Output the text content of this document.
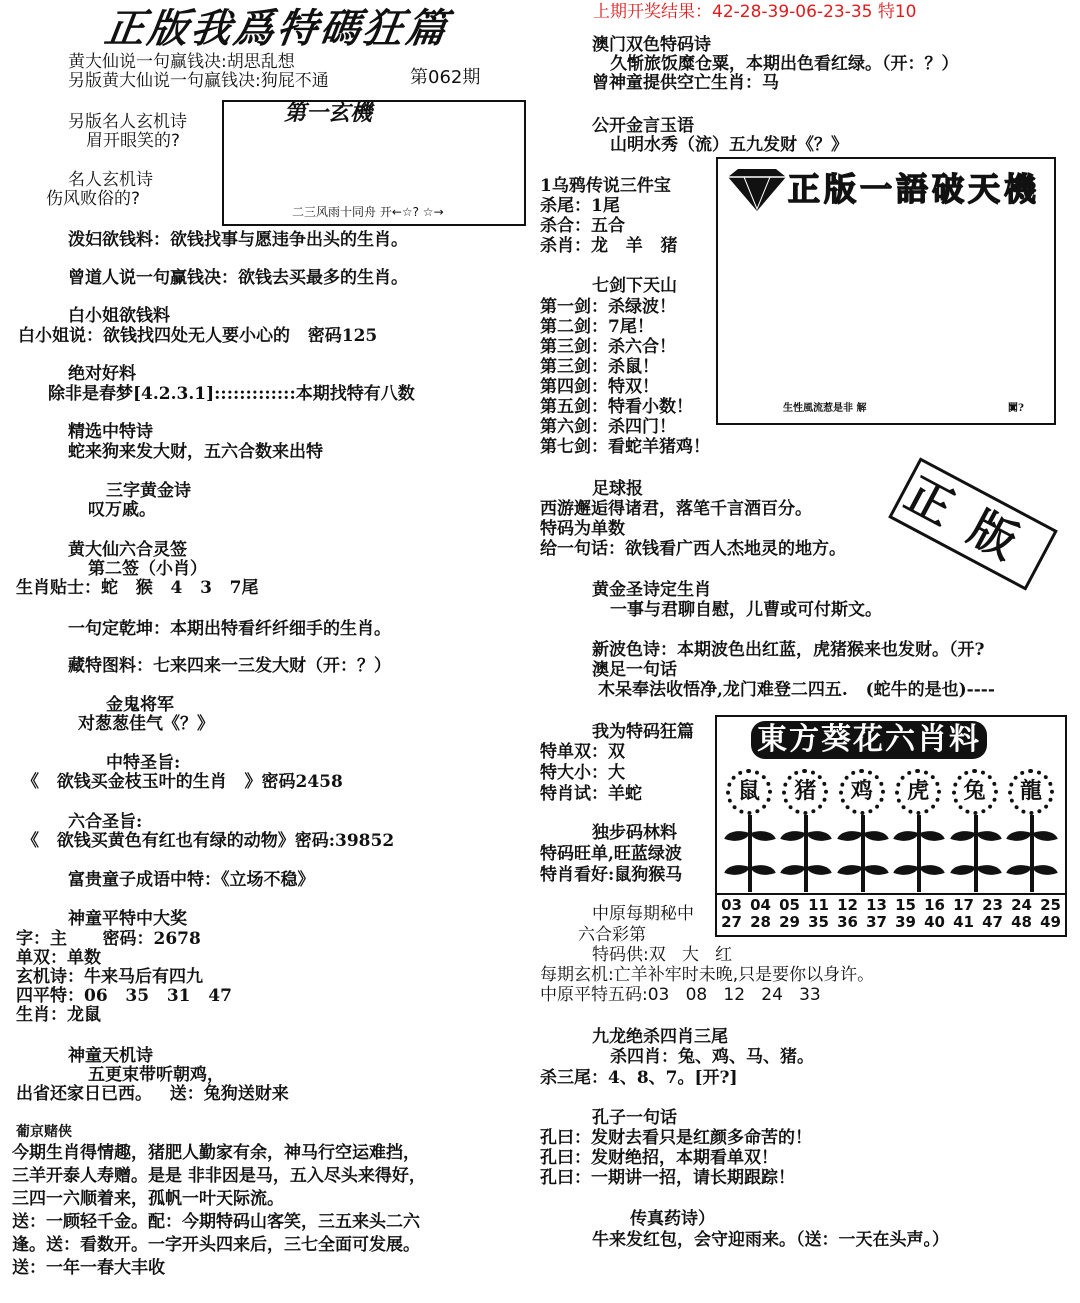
正版我爲特碼狂篇	上期开奖结果：42-28-39-06-23-35 特10
黄大仙说一句赢钱决:胡思乱想
另版黄大仙说一句赢钱决:狗屁不通	第062期
另版名人玄机诗
眉开眼笑的?
名人玄机诗
伤风败俗的?
第一玄機
二三风雨十同舟 开←☆? ☆→
泼妇欲钱料：欲钱找事与愿违争出头的生肖。
曾道人说一句赢钱决：欲钱去买最多的生肖。
白小姐欲钱料
白小姐说：欲钱找四处无人要小心的   密码125
绝对好料
除非是春梦[4.2.3.1]:::::::::::::本期找特有八数
精选中特诗
蛇来狗来发大财，五六合数来出特
三字黄金诗
叹万戚。
黄大仙六合灵签
第二签（小肖）
生肖贴士：蛇   猴   4   3   7尾
一句定乾坤：本期出特看纤纤细手的生肖。
藏特图料：七来四来一三发大财（开：？）
金鬼将军
对葱葱佳气《？》
中特圣旨:
《   欲钱买金枝玉叶的生肖   》密码2458
六合圣旨:
《   欲钱买黄色有红也有绿的动物》密码:39852
富贵童子成语中特：《立场不稳》
神童平特中大奖
字：主      密码：2678
单双：单数
玄机诗：牛来马后有四九
四平特：06   35   31   47
生肖：龙鼠
神童天机诗
五更束带听朝鸡，
出省还家日已西。   送：兔狗送财来
葡京赌侠
今期生肖得情趣，猪肥人勤家有余，神马行空运难挡，
三羊开泰人寿赠。是是 非非因是马，五入尽头来得好，
三四一六顺着来，孤帆一叶天际流。
送：一顾轻千金。配：今期特码山客笑，三五来头二六
逢。送：看数开。一字开头四来后，三七全面可发展。
送：一年一春大丰收
澳门双色特码诗
久惭旅饭糜仓粟，本期出色看红绿。（开：？）
曾神童提供空亡生肖：马
公开金言玉语
山明水秀（流）五九发财《？》
1乌鸦传说三件宝
杀尾：1尾
杀合：五合
杀肖：龙   羊   猪
正版一語破天機
生性風流惹是非 解	闐?
七剑下天山
第一剑：杀绿波！
第二剑：7尾！
第三剑：杀六合！
第三剑：杀鼠！
第四剑：特双！
第五剑：特看小数！
第六剑：杀四门！
第七剑：看蛇羊猪鸡！
正版
足球报
西游邂逅得诸君，落笔千言酒百分。
特码为单数
给一句话：欲钱看广西人杰地灵的地方。
黄金圣诗定生肖
一事与君聊自慰，儿曹或可付斯文。
新波色诗：本期波色出红蓝，虎猪猴来也发财。（开?
澳足一句话
木呆奉法收悟净,龙门难登二四五.   (蛇牛的是也)----
我为特码狂篇
特单双：双
特大小：大
特肖试：羊蛇
独步码林料
特码旺单,旺蓝绿波
特肖看好:鼠狗猴马
東方葵花六肖料
鼠	猪	鸡	虎	兔	龍
03 04 05 11 12 13 15 16 17 23 24 25
27 28 29 35 36 37 39 40 41 47 48 49
中原每期秘中
六合彩第
特码供:双   大   红
每期玄机:亡羊补牢时未晚,只是要你以身许。
中原平特五码:03   08   12   24   33
九龙绝杀四肖三尾
杀四肖：兔、鸡、马、猪。
杀三尾：4、8、7。[开?]
孔子一句话
孔曰：发财去看只是红颜多命苦的！
孔曰：发财绝招，本期看单双！
孔曰：一期讲一招，请长期跟踪！
传真药诗）
牛来发红包，会守迎雨来。（送：一天在头声。）
